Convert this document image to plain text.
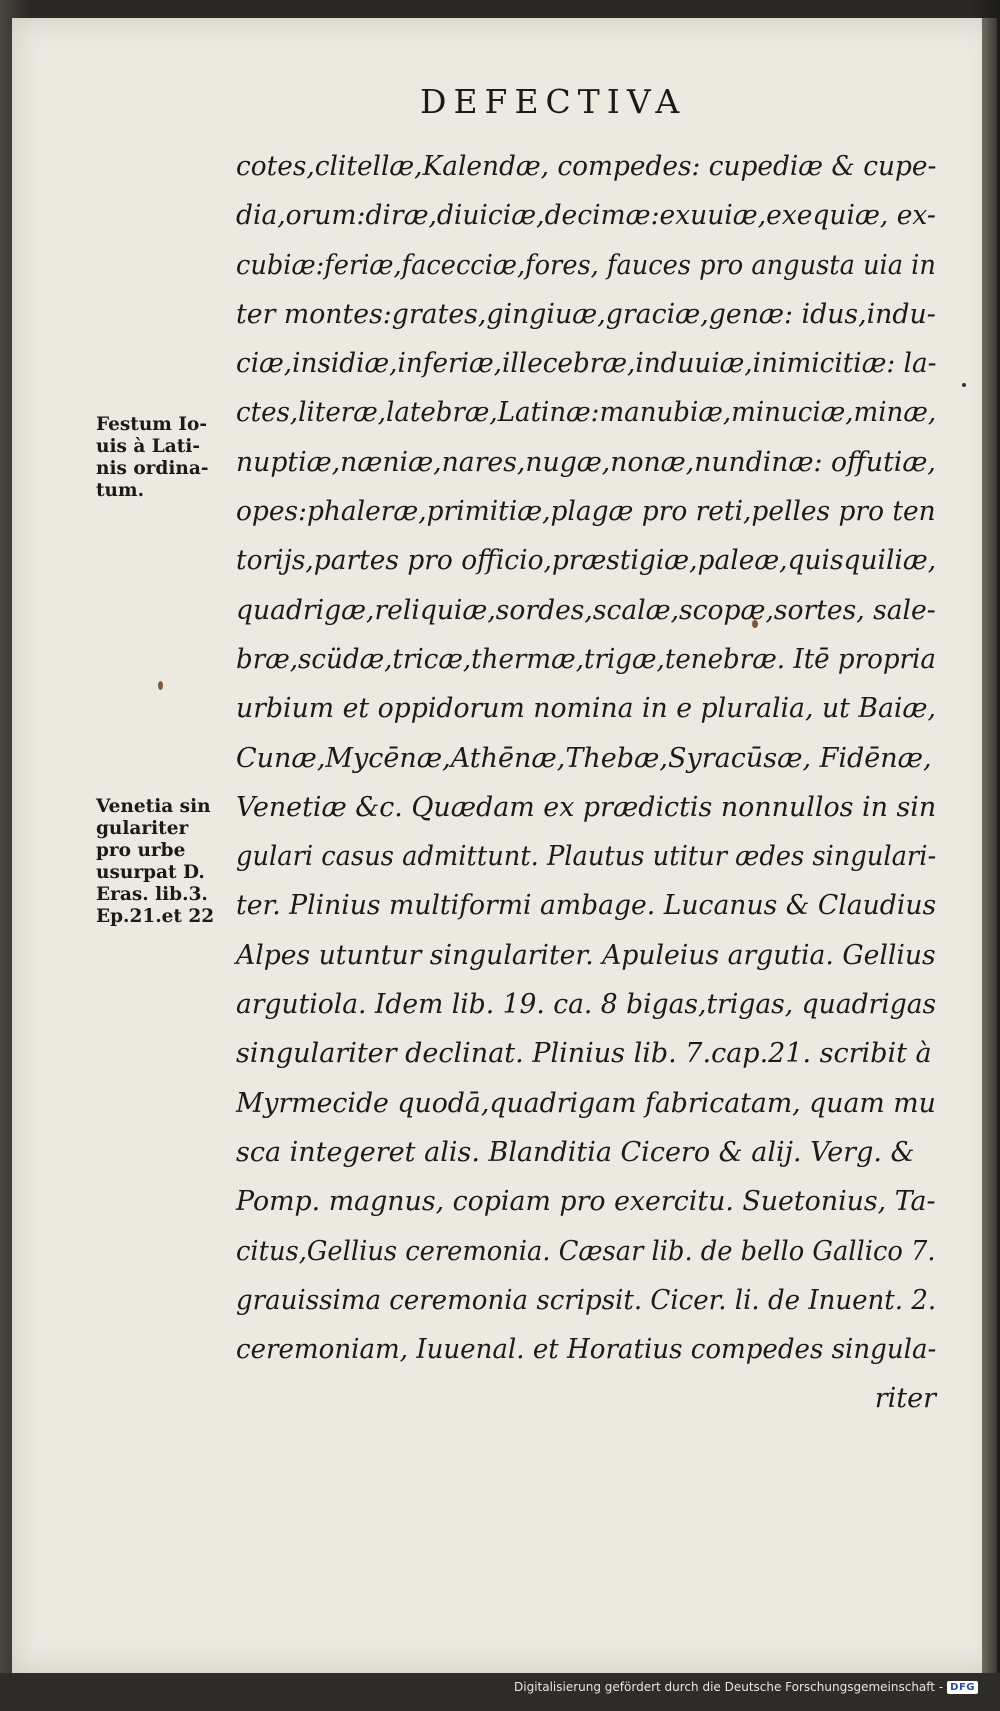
DEFECTIVA
Festum Io‑
uis à Lati-
nis ordina-
tum.
Venetia sin
gulariter
pro urbe
usurpat D.
Eras. lib.3.
Ep.21.et 22
cotes,clitellæ,Kalendæ, compedes: cupediæ & cupe-
dia,orum:diræ,diuiciæ,decimæ:exuuiæ,exequiæ, ex-
cubiæ:feriæ,facecciæ,fores, fauces pro angusta uia in
ter montes:grates,gingiuæ,graciæ,genæ: idus,indu-
ciæ,insidiæ,inferiæ,illecebræ,induuiæ,inimicitiæ: la-
ctes,literæ,latebræ,Latinæ:manubiæ,minuciæ,minæ,
nuptiæ,næniæ,nares,nugæ,nonæ,nundinæ: offutiæ,
opes:phaleræ,primitiæ,plagæ pro reti,pelles pro ten
torijs,partes pro officio,præstigiæ,paleæ,quisquiliæ,
quadrigæ,reliquiæ,sordes,scalæ,scopæ,sortes, sale-
bræ,scüdæ,tricæ,thermæ,trigæ,tenebræ. Itē propria
urbium et oppidorum nomina in e pluralia, ut Baiæ,
Cunæ,Mycēnæ,Athēnæ,Thebæ,Syracūsæ, Fidēnæ,
Venetiæ &c. Quædam ex prædictis nonnullos in sin
gulari casus admittunt. Plautus utitur ædes singulari-
ter. Plinius multiformi ambage. Lucanus & Claudius
Alpes utuntur singulariter. Apuleius argutia. Gellius
argutiola. Idem lib. 19. ca. 8 bigas,trigas, quadrigas
singulariter declinat. Plinius lib. 7.cap.21. scribit à
Myrmecide quodā,quadrigam fabricatam, quam mu
sca integeret alis. Blanditia Cicero & alij. Verg. &
Pomp. magnus, copiam pro exercitu. Suetonius, Ta-
citus,Gellius ceremonia. Cæsar lib. de bello Gallico 7.
grauissima ceremonia scripsit. Cicer. li. de Inuent. 2.
ceremoniam, Iuuenal. et Horatius compedes singula-
riter
Digitalisierung gefördert durch die Deutsche Forschungsgemeinschaft - DFG
